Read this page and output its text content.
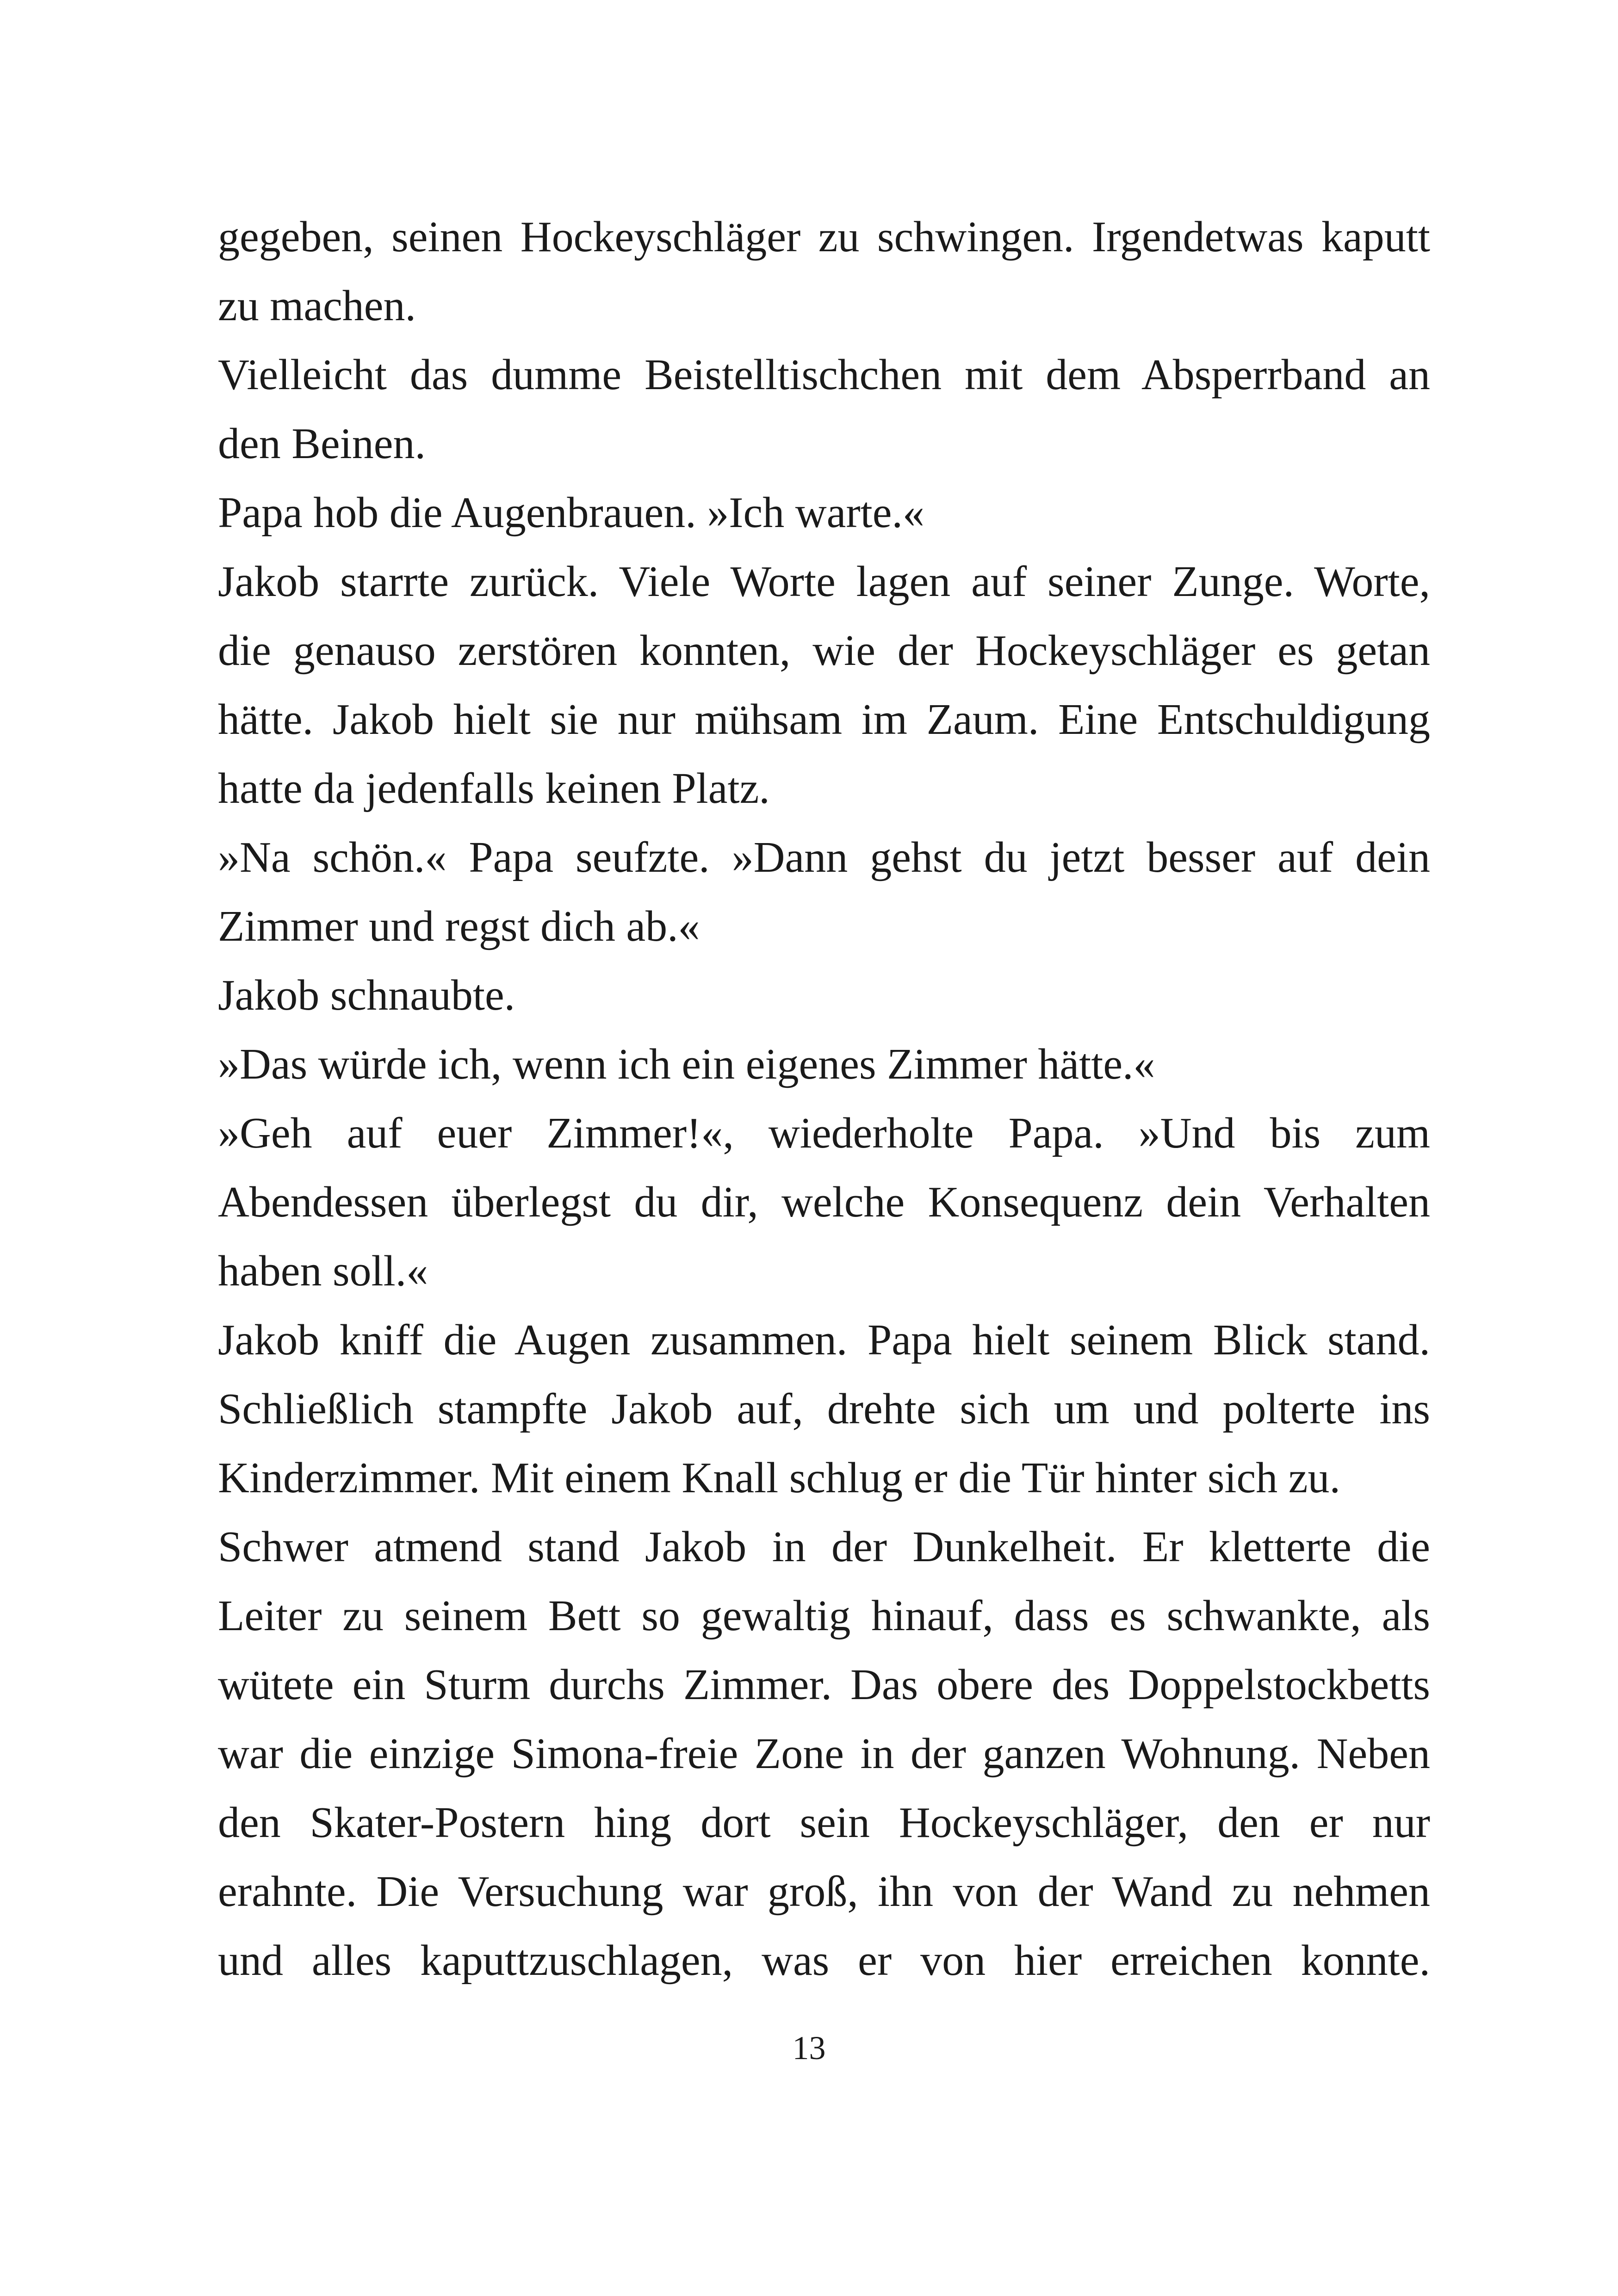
gegeben, seinen Hockeyschläger zu schwingen. Irgendetwas kaputt
zu machen.
Vielleicht das dumme Beistelltischchen mit dem Absperrband an
den Beinen.
Papa hob die Augenbrauen. »Ich warte.«
Jakob starrte zurück. Viele Worte lagen auf seiner Zunge. Worte,
die genauso zerstören konnten, wie der Hockeyschläger es getan
hätte. Jakob hielt sie nur mühsam im Zaum. Eine Entschuldigung
hatte da jedenfalls keinen Platz.
»Na schön.« Papa seufzte. »Dann gehst du jetzt besser auf dein
Zimmer und regst dich ab.«
Jakob schnaubte.
»Das würde ich, wenn ich ein eigenes Zimmer hätte.«
»Geh auf euer Zimmer!«, wiederholte Papa. »Und bis zum
Abendessen überlegst du dir, welche Konsequenz dein Verhalten
haben soll.«
Jakob kniff die Augen zusammen. Papa hielt seinem Blick stand.
Schließlich stampfte Jakob auf, drehte sich um und polterte ins
Kinderzimmer. Mit einem Knall schlug er die Tür hinter sich zu.
Schwer atmend stand Jakob in der Dunkelheit. Er kletterte die
Leiter zu seinem Bett so gewaltig hinauf, dass es schwankte, als
wütete ein Sturm durchs Zimmer. Das obere des Doppelstockbetts
war die einzige Simona-freie Zone in der ganzen Wohnung. Neben
den Skater-Postern hing dort sein Hockeyschläger, den er nur
erahnte. Die Versuchung war groß, ihn von der Wand zu nehmen
und alles kaputtzuschlagen, was er von hier erreichen konnte.
13
